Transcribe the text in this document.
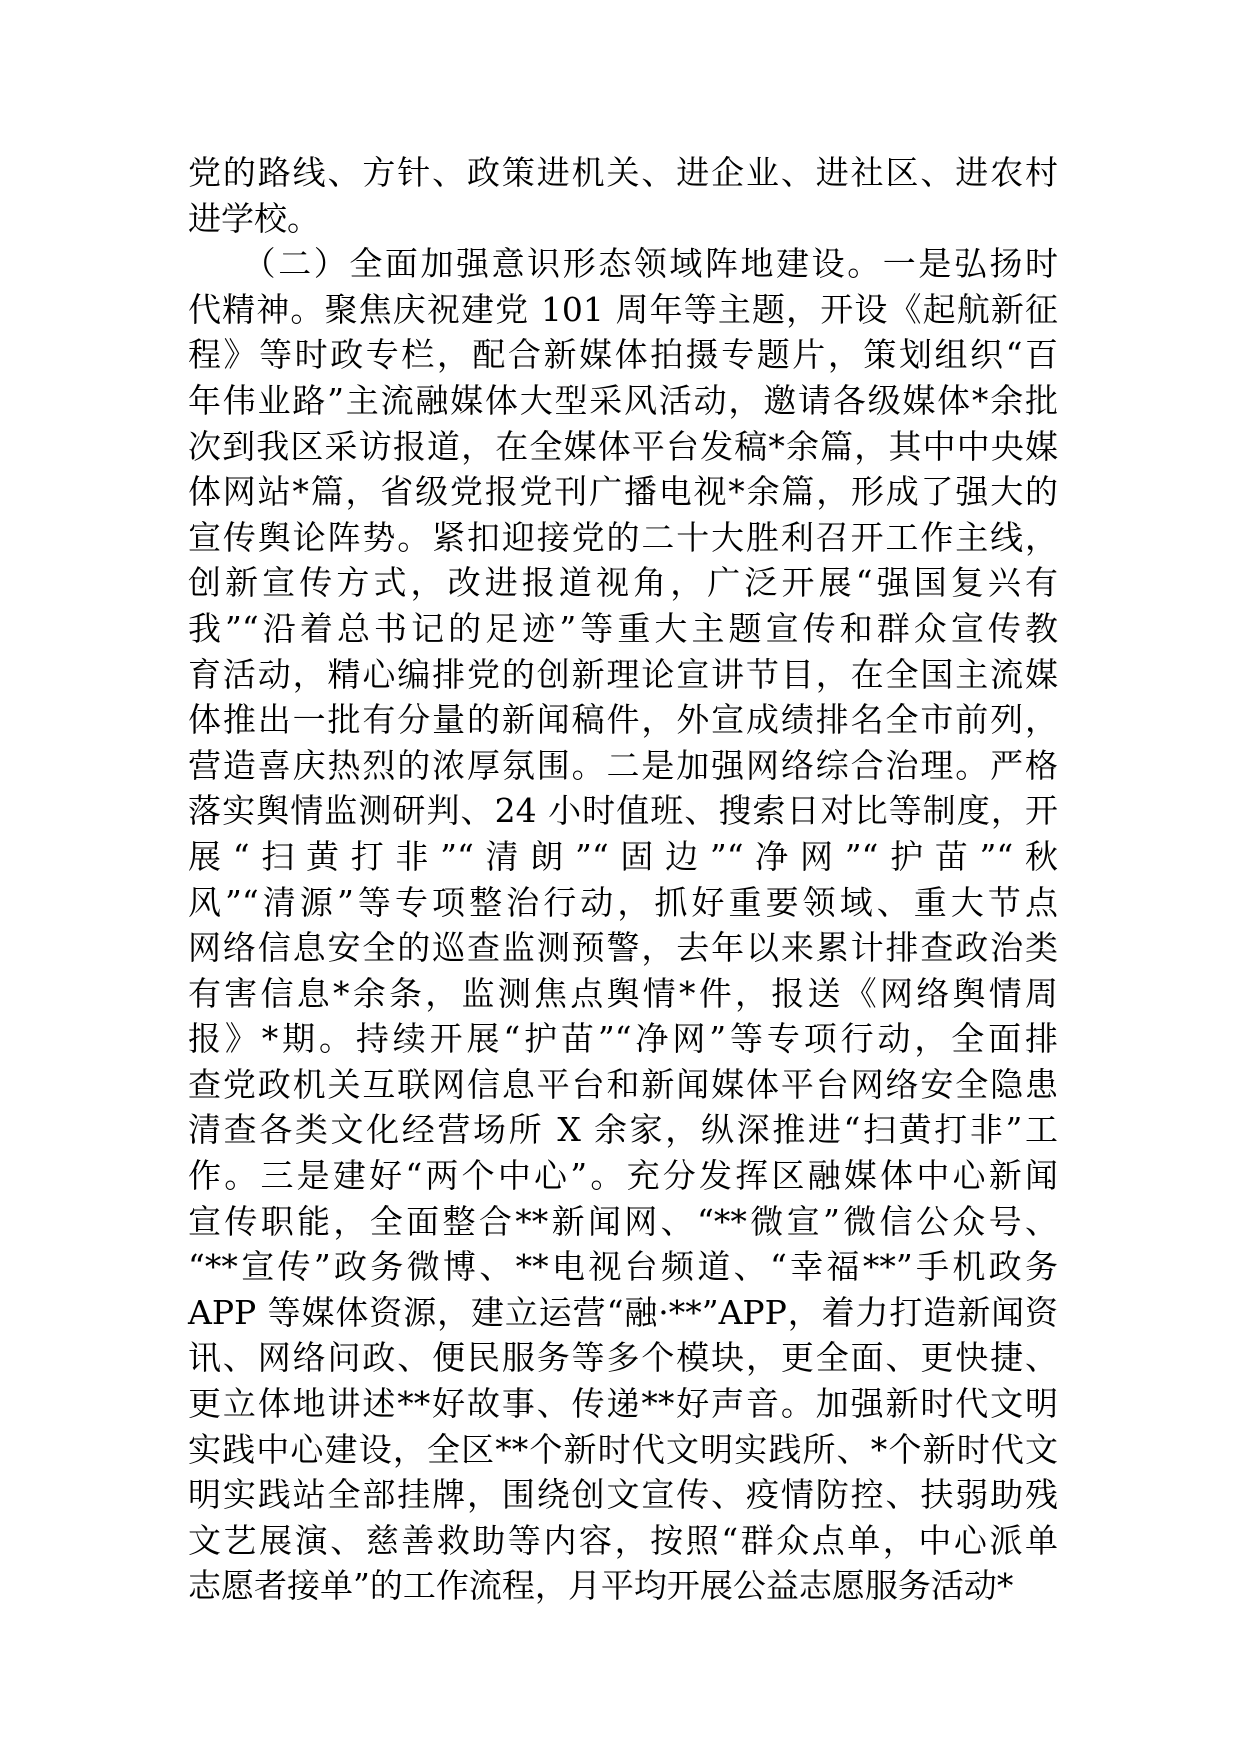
党的路线、方针、政策进机关、进企业、进社区、进农村
进学校。
　　（二）全面加强意识形态领域阵地建设。一是弘扬时
代精神。聚焦庆祝建党 101 周年等主题，开设《起航新征
程》等时政专栏，配合新媒体拍摄专题片，策划组织“百
年伟业路”主流融媒体大型采风活动，邀请各级媒体*余批
次到我区采访报道，在全媒体平台发稿*余篇，其中中央媒
体网站*篇，省级党报党刊广播电视*余篇，形成了强大的
宣传舆论阵势。紧扣迎接党的二十大胜利召开工作主线，
创新宣传方式，改进报道视角，广泛开展“强国复兴有
我”“沿着总书记的足迹”等重大主题宣传和群众宣传教
育活动，精心编排党的创新理论宣讲节目，在全国主流媒
体推出一批有分量的新闻稿件，外宣成绩排名全市前列，
营造喜庆热烈的浓厚氛围。二是加强网络综合治理。严格
落实舆情监测研判、24 小时值班、搜索日对比等制度，开
展“扫黄打非”“清朗”“固边”“净网”“护苗”“秋
风”“清源”等专项整治行动，抓好重要领域、重大节点
网络信息安全的巡查监测预警，去年以来累计排查政治类
有害信息*余条，监测焦点舆情*件，报送《网络舆情周
报》*期。持续开展“护苗”“净网”等专项行动，全面排
查党政机关互联网信息平台和新闻媒体平台网络安全隐患
清查各类文化经营场所 X 余家，纵深推进“扫黄打非”工
作。三是建好“两个中心”。充分发挥区融媒体中心新闻
宣传职能，全面整合**新闻网、“**微宣”微信公众号、
“**宣传”政务微博、**电视台频道、“幸福**”手机政务
APP 等媒体资源，建立运营“融·**”APP，着力打造新闻资
讯、网络问政、便民服务等多个模块，更全面、更快捷、
更立体地讲述**好故事、传递**好声音。加强新时代文明
实践中心建设，全区**个新时代文明实践所、*个新时代文
明实践站全部挂牌，围绕创文宣传、疫情防控、扶弱助残
文艺展演、慈善救助等内容，按照“群众点单，中心派单
志愿者接单”的工作流程，月平均开展公益志愿服务活动*
